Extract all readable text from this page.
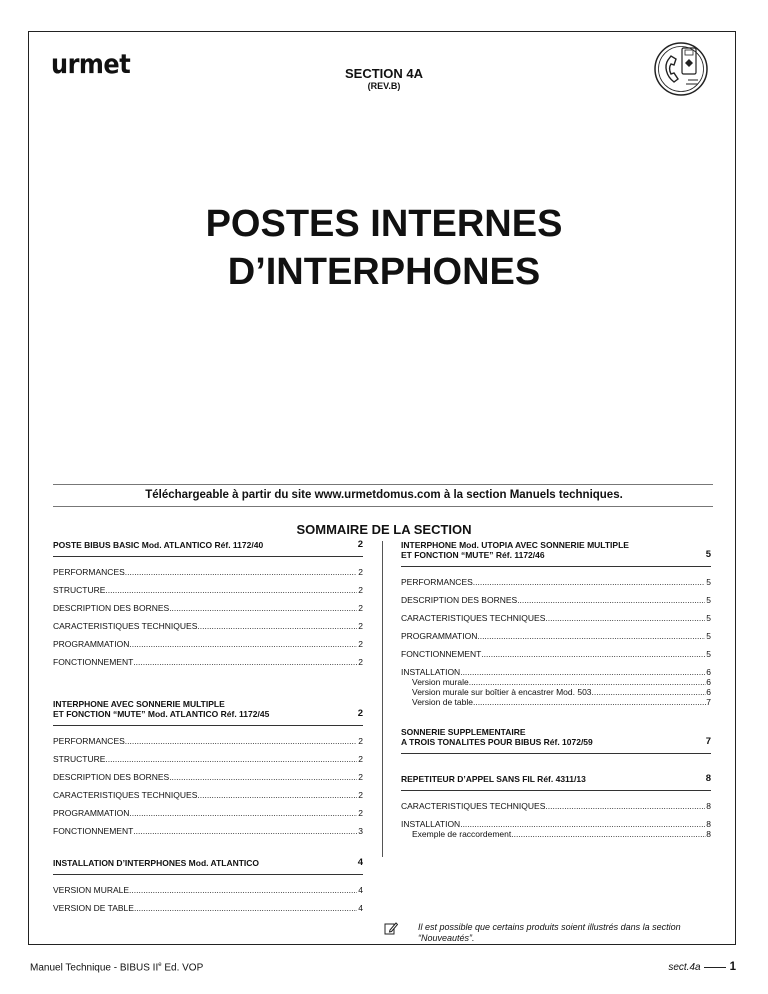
urmet	SECTION 4A
(REV.B)
POSTES INTERNES
D’INTERPHONES
Téléchargeable à partir du site www.urmetdomus.com à la section Manuels techniques.
SOMMAIRE DE LA SECTION
POSTE BIBUS BASIC Mod. ATLANTICO Réf. 1172/40	2
PERFORMANCES .....	2
STRUCTURE .....	2
DESCRIPTION DES BORNES .....	2
CARACTERISTIQUES TECHNIQUES .....	2
PROGRAMMATION .....	2
FONCTIONNEMENT .....	2
INTERPHONE AVEC SONNERIE MULTIPLE
ET FONCTION “MUTE” Mod. ATLANTICO Réf. 1172/45	2
PERFORMANCES .....	2
STRUCTURE .....	2
DESCRIPTION DES BORNES .....	2
CARACTERISTIQUES TECHNIQUES .....	2
PROGRAMMATION .....	2
FONCTIONNEMENT .....	3
INSTALLATION D’INTERPHONES Mod. ATLANTICO	4
VERSION MURALE .....	4
VERSION DE TABLE .....	4
INTERPHONE Mod. UTOPIA AVEC SONNERIE MULTIPLE
ET FONCTION “MUTE” Réf. 1172/46	5
PERFORMANCES .....	5
DESCRIPTION DES BORNES .....	5
CARACTERISTIQUES TECHNIQUES .....	5
PROGRAMMATION .....	5
FONCTIONNEMENT .....	5
INSTALLATION .....	6
Version murale .....	6
Version murale sur boîtier à encastrer Mod. 503 .....	6
Version de table .....	7
SONNERIE SUPPLEMENTAIRE
A TROIS TONALITES POUR BIBUS Réf. 1072/59	7
REPETITEUR D’APPEL SANS FIL Réf. 4311/13	8
CARACTERISTIQUES TECHNIQUES .....	8
INSTALLATION .....	8
Exemple de raccordement .....	8
Il est possible que certains produits soient illustrés dans la section
“Nouveautés”.
Manuel Technique - BIBUS IIe Ed. VOP	sect.4a	1
